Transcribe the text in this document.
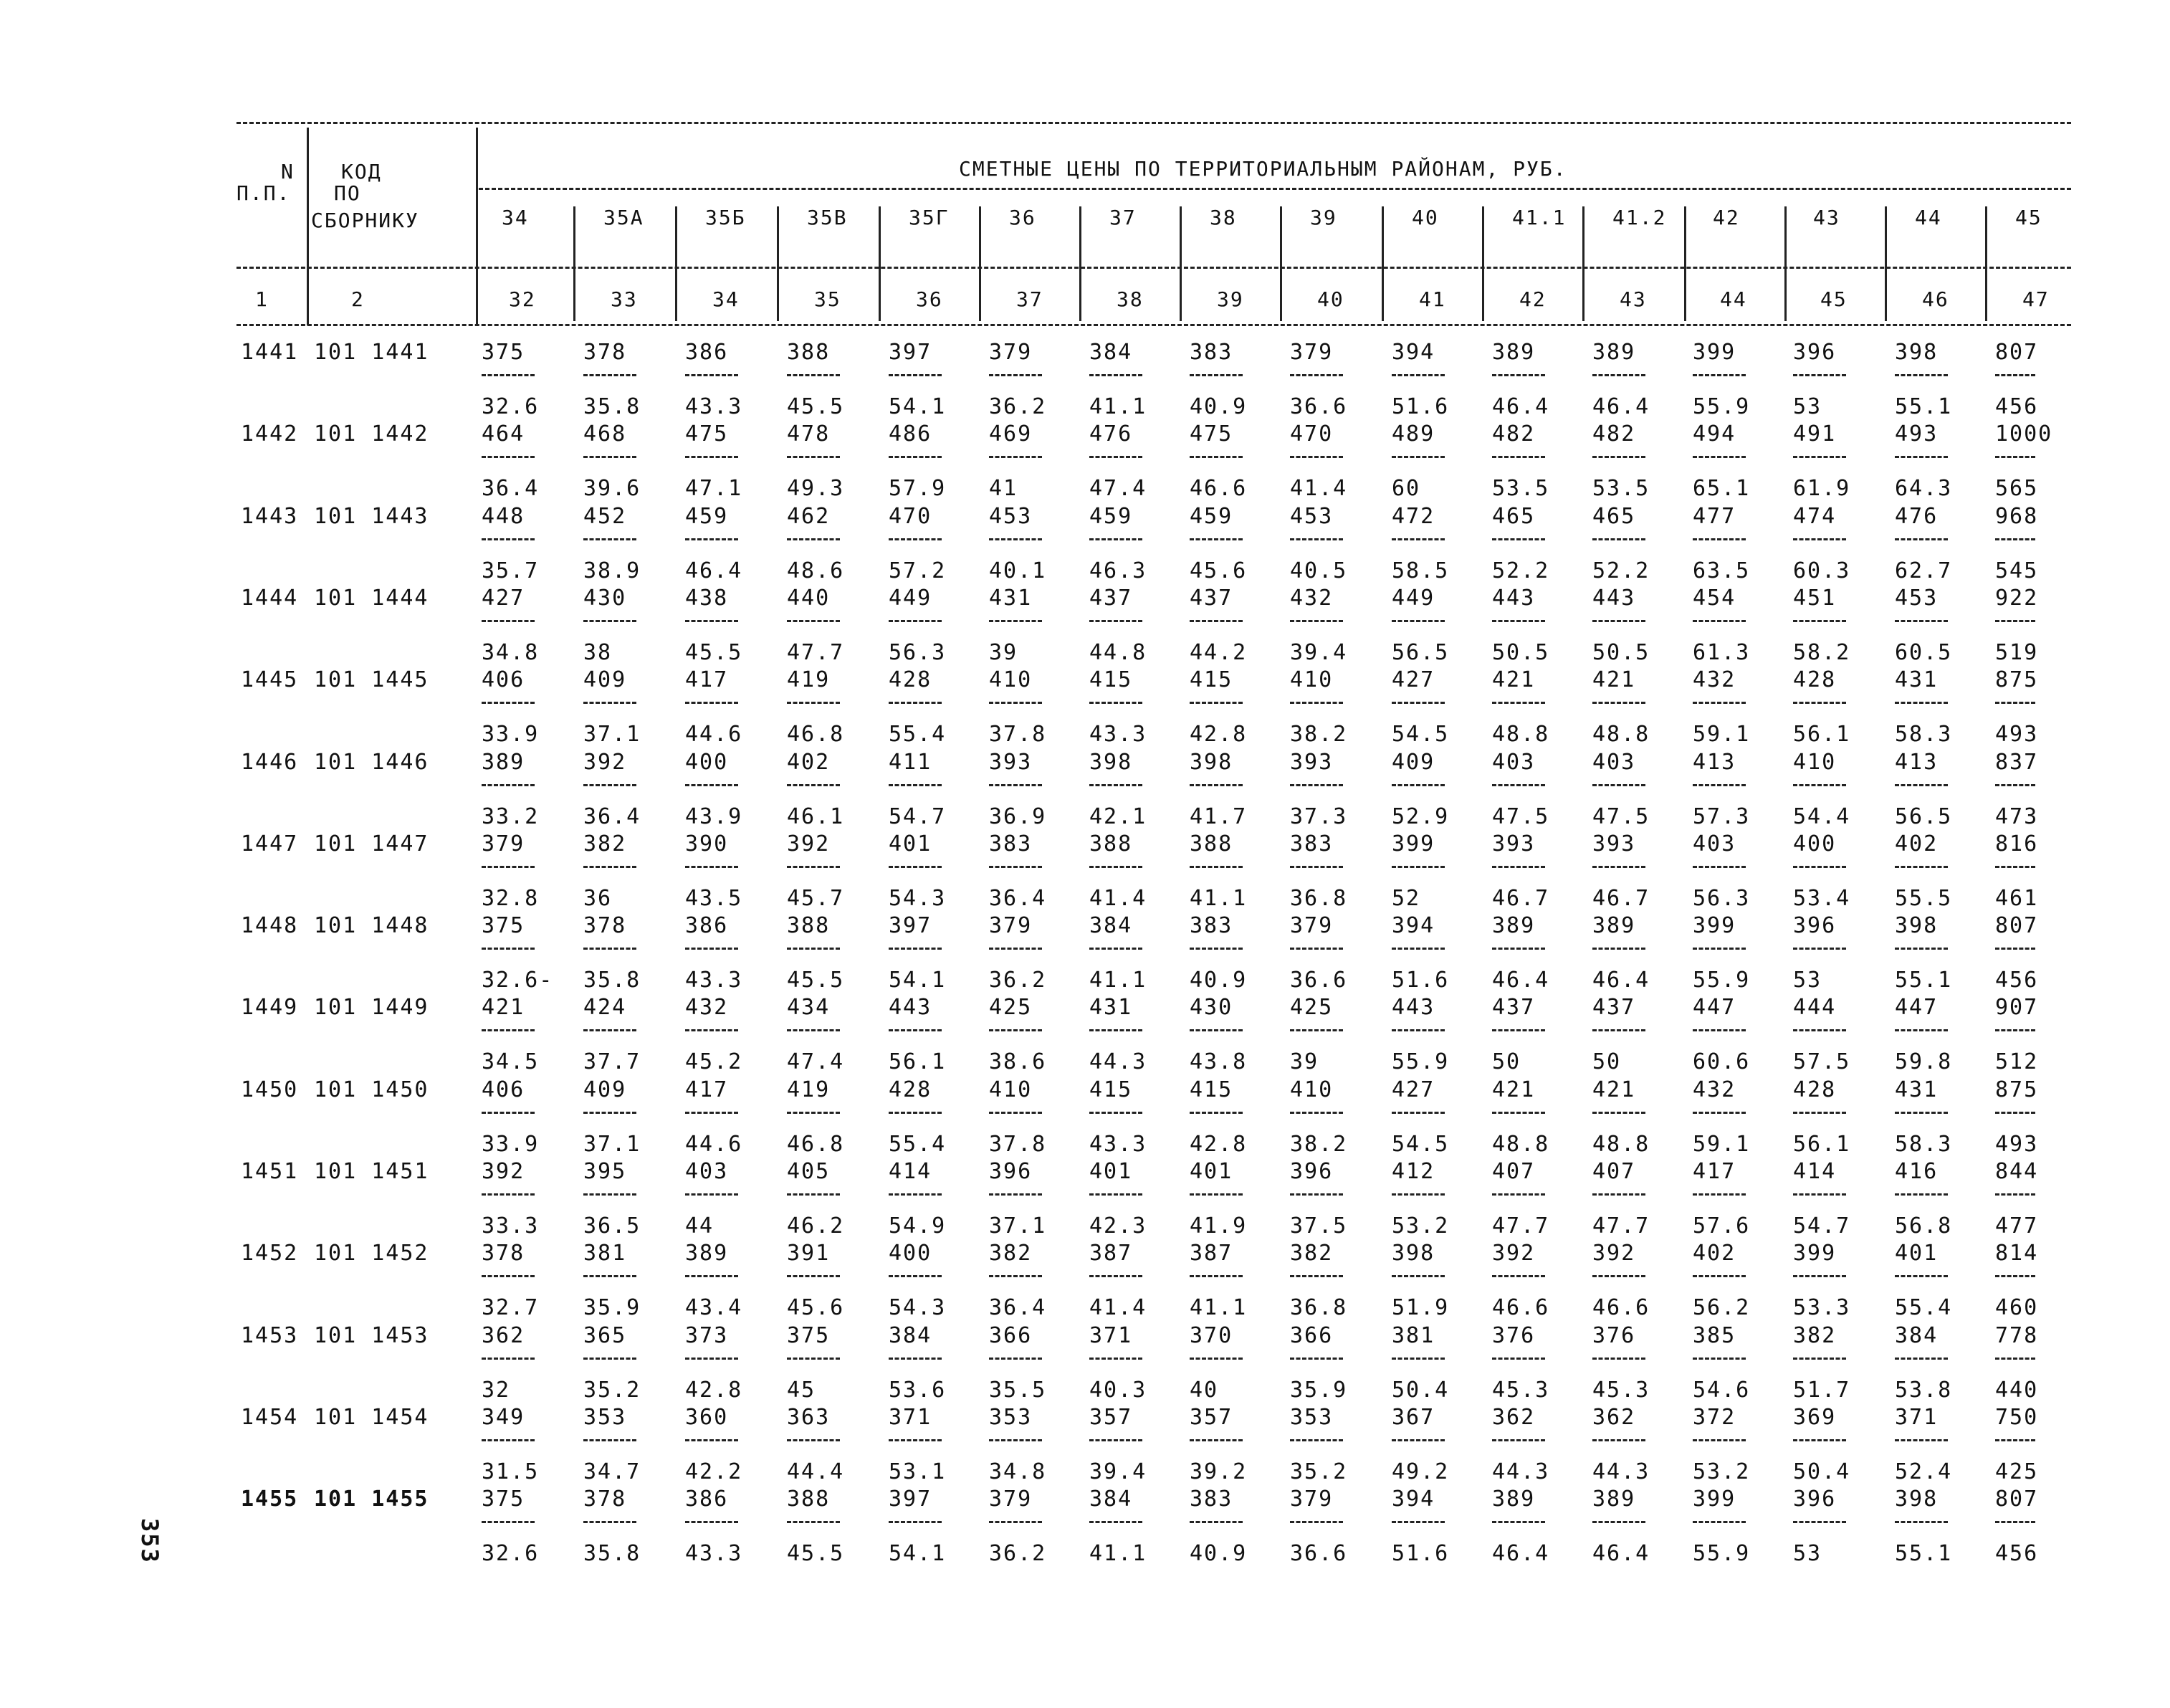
N
П.П.
КОД
ПО
СБОРНИКУ
СМЕТНЫЕ ЦЕНЫ ПО ТЕРРИТОРИАЛЬНЫМ РАЙОНАМ, РУБ.
34	35А	35Б	35В	35Г	36	37	38	39	40	41.1 41.2 42	43	44	45
1	2	32	33	34	35	36	37	38	39	40	41	42	43	44	45	46	47
1441 101 1441 375	378	386	388	397	379	384	383	379	394	389	389	399	396	398	807
32.6 35.8 43.3 45.5 54.1 36.2 41.1 40.9 36.6 51.6 46.4 46.4 55.9 53	55.1 456
1442 101 1442 464	468	475	478	486	469	476	475	470	489	482	482	494	491	493	1000
36.4 39.6 47.1 49.3 57.9 41	47.4 46.6 41.4 60	53.5 53.5 65.1 61.9 64.3 565
1443 101 1443 448	452	459	462	470	453	459	459	453	472	465	465	477	474	476	968
35.7 38.9 46.4 48.6 57.2 40.1 46.3 45.6 40.5 58.5 52.2 52.2 63.5 60.3 62.7 545
1444 101 1444 427	430	438	440	449	431	437	437	432	449	443	443	454	451	453	922
34.8 38	45.5 47.7 56.3 39	44.8 44.2 39.4 56.5 50.5 50.5 61.3 58.2 60.5 519
1445 101 1445 406	409	417	419	428	410	415	415	410	427	421	421	432	428	431	875
33.9 37.1 44.6 46.8 55.4 37.8 43.3 42.8 38.2 54.5 48.8 48.8 59.1 56.1 58.3 493
1446 101 1446 389	392	400	402	411	393	398	398	393	409	403	403	413	410	413	837
33.2 36.4 43.9 46.1 54.7 36.9 42.1 41.7 37.3 52.9 47.5 47.5 57.3 54.4 56.5 473
1447 101 1447 379	382	390	392	401	383	388	388	383	399	393	393	403	400	402	816
32.8 36	43.5 45.7 54.3 36.4 41.4 41.1 36.8 52	46.7 46.7 56.3 53.4 55.5 461
1448 101 1448 375	378	386	388	397	379	384	383	379	394	389	389	399	396	398	807
32.6- 35.8 43.3 45.5 54.1 36.2 41.1 40.9 36.6 51.6 46.4 46.4 55.9 53	55.1 456
1449 101 1449 421	424	432	434	443	425	431	430	425	443	437	437	447	444	447	907
34.5 37.7 45.2 47.4 56.1 38.6 44.3 43.8 39	55.9 50	50	60.6 57.5 59.8 512
1450 101 1450 406	409	417	419	428	410	415	415	410	427	421	421	432	428	431	875
33.9 37.1 44.6 46.8 55.4 37.8 43.3 42.8 38.2 54.5 48.8 48.8 59.1 56.1 58.3 493
1451 101 1451 392	395	403	405	414	396	401	401	396	412	407	407	417	414	416	844
33.3 36.5 44	46.2 54.9 37.1 42.3 41.9 37.5 53.2 47.7 47.7 57.6 54.7 56.8 477
1452 101 1452 378	381	389	391	400	382	387	387	382	398	392	392	402	399	401	814
32.7 35.9 43.4 45.6 54.3 36.4 41.4 41.1 36.8 51.9 46.6 46.6 56.2 53.3 55.4 460
1453 101 1453 362	365	373	375	384	366	371	370	366	381	376	376	385	382	384	778
32	35.2 42.8 45	53.6 35.5 40.3 40	35.9 50.4 45.3 45.3 54.6 51.7 53.8 440
1454 101 1454 349	353	360	363	371	353	357	357	353	367	362	362	372	369	371	750
31.5 34.7 42.2 44.4 53.1 34.8 39.4 39.2 35.2 49.2 44.3 44.3 53.2 50.4 52.4 425
1455 101 1455 375	378	386	388	397	379	384	383	379	394	389	389	399	396	398	807
32.6 35.8 43.3 45.5 54.1 36.2 41.1 40.9 36.6 51.6 46.4 46.4 55.9 53	55.1 456
353
